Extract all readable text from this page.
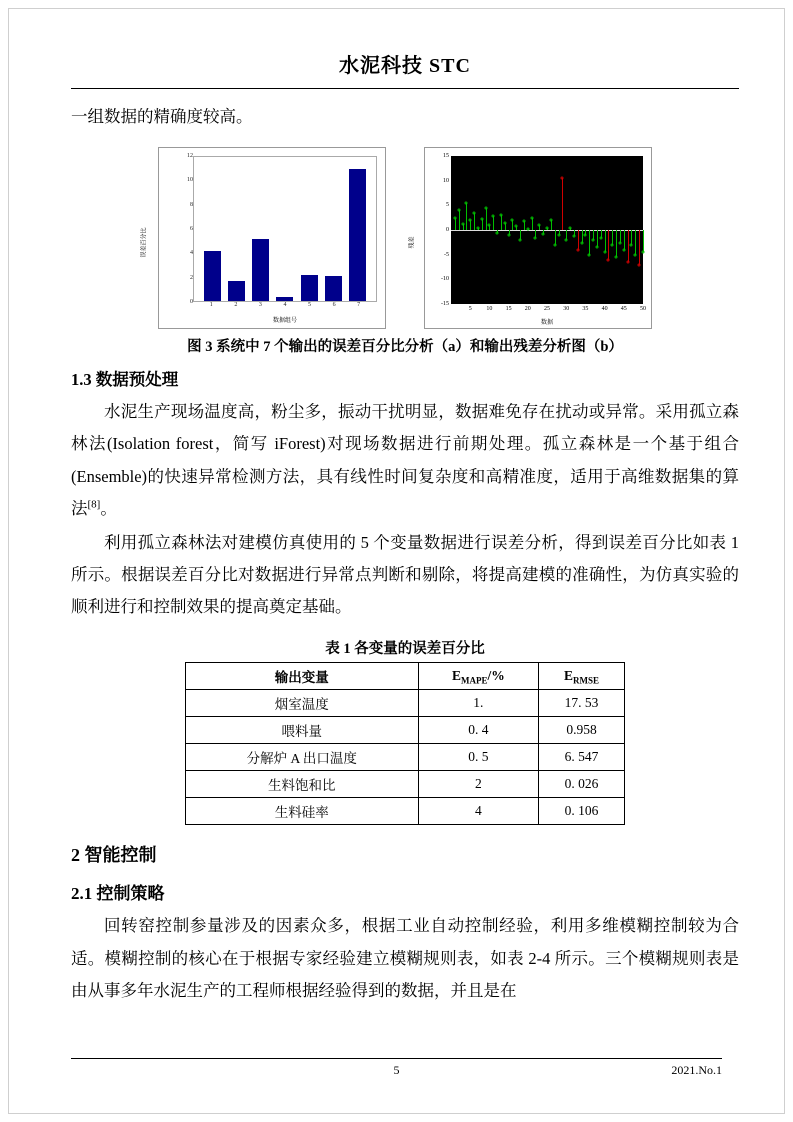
水泥科技 STC

一组数据的精确度较高。

误差百分比
0
2
4
6
8
10
12
1	2	3	4	5	6	7
数据组号
残差
15
10
5
0
-5
-10
-15
5 10 15 20 25 30 35 40 45 50
数据
图 3 系统中 7 个输出的误差百分比分析（a）和输出残差分析图（b）
1.3 数据预处理

水泥生产现场温度高，粉尘多，振动干扰明显，数据难免存在扰动或异常。采用孤立森林法(Isolation forest，简写 iForest)对现场数据进行前期处理。孤立森林是一个基于组合(Ensemble)的快速异常检测方法，具有线性时间复杂度和高精准度，适用于高维数据集的算法[8]。

利用孤立森林法对建模仿真使用的 5 个变量数据进行误差分析，得到误差百分比如表 1 所示。根据误差百分比对数据进行异常点判断和剔除，将提高建模的准确性，为仿真实验的顺利进行和控制效果的提高奠定基础。

表 1 各变量的误差百分比
输出变量	$E_{MAPE}/\%$	$E_{RMSE}$
烟室温度	1.	17. 53
喂料量	0. 4	0.958
分解炉 A 出口温度	0. 5	6. 547
生料饱和比	2	0. 026
生料硅率	4	0. 106
2 智能控制
2.1 控制策略

回转窑控制参量涉及的因素众多，根据工业自动控制经验，利用多维模糊控制较为合适。模糊控制的核心在于根据专家经验建立模糊规则表，如表 2-4 所示。三个模糊规则表是由从事多年水泥生产的工程师根据经验得到的数据，并且是在

5	2021.No.1
